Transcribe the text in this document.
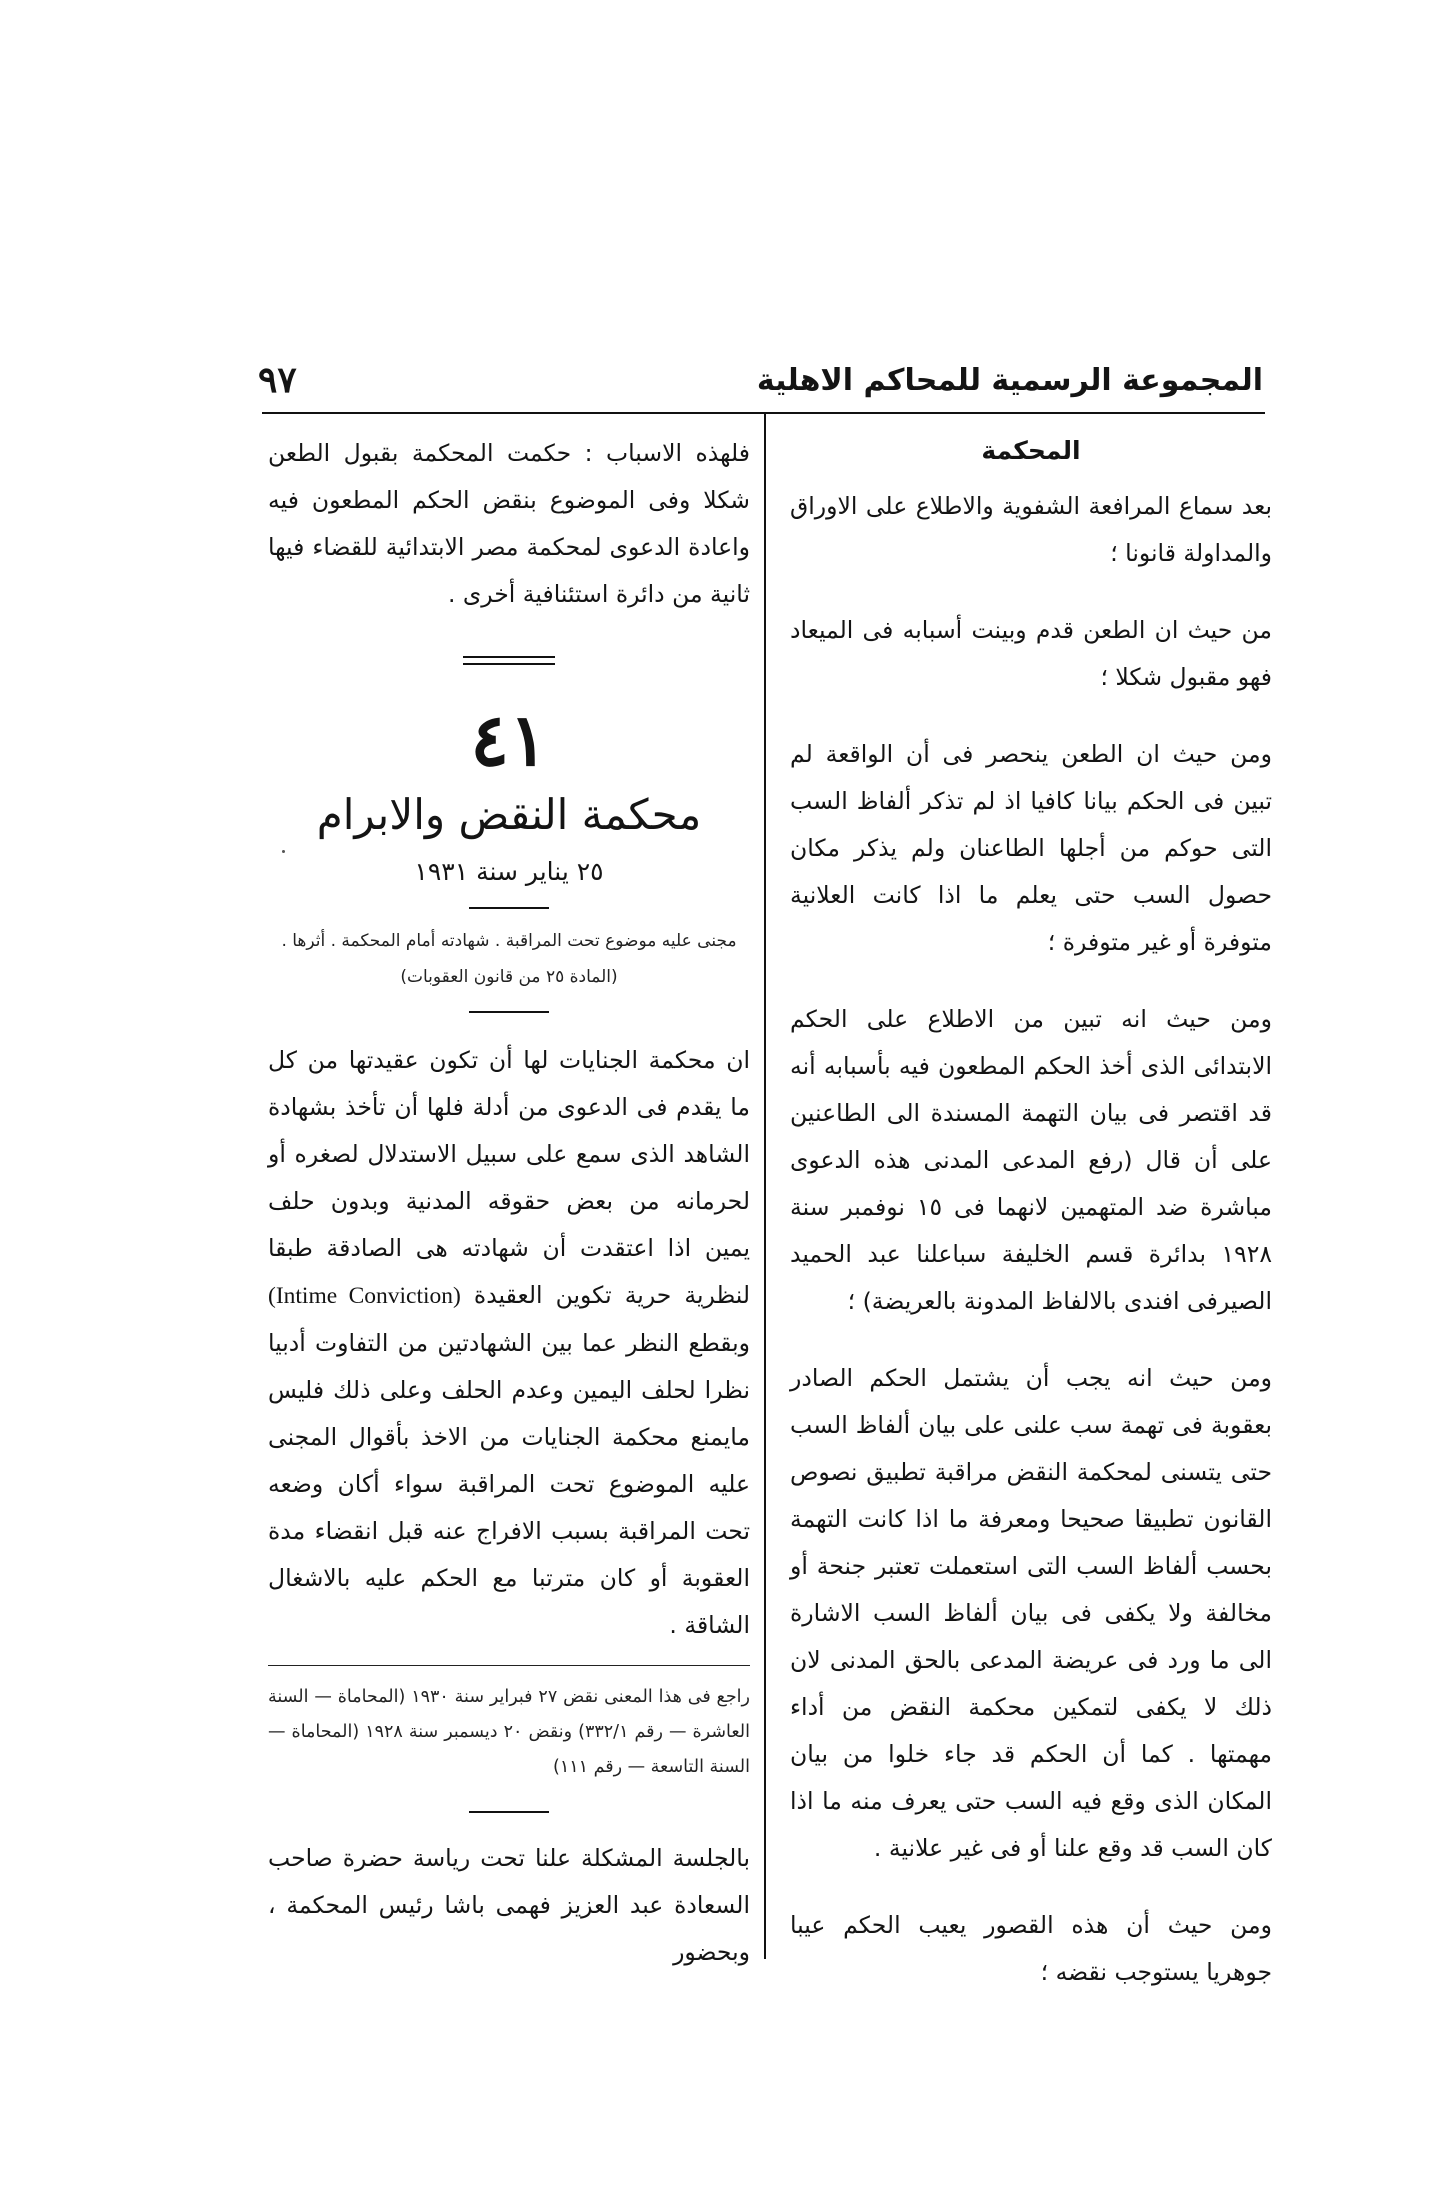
٩٧	المجموعة الرسمية للمحاكم الاهلية
المحكمة

بعد سماع المرافعة الشفوية والاطلاع على الاوراق والمداولة قانونا ؛

من حيث ان الطعن قدم وبينت أسبابه فى الميعاد فهو مقبول شكلا ؛

ومن حيث ان الطعن ينحصر فى أن الواقعة لم تبين فى الحكم بيانا كافيا اذ لم تذكر ألفاظ السب التى حوكم من أجلها الطاعنان ولم يذكر مكان حصول السب حتى يعلم ما اذا كانت العلانية متوفرة أو غير متوفرة ؛

ومن حيث انه تبين من الاطلاع على الحكم الابتدائى الذى أخذ الحكم المطعون فيه بأسبابه أنه قد اقتصر فى بيان التهمة المسندة الى الطاعنين على أن قال (رفع المدعى المدنى هذه الدعوى مباشرة ضد المتهمين لانهما فى ١٥ نوفمبر سنة ١٩٢٨ بدائرة قسم الخليفة سباعلنا عبد الحميد الصيرفى افندى بالالفاظ المدونة بالعريضة) ؛

ومن حيث انه يجب أن يشتمل الحكم الصادر بعقوبة فى تهمة سب علنى على بيان ألفاظ السب حتى يتسنى لمحكمة النقض مراقبة تطبيق نصوص القانون تطبيقا صحيحا ومعرفة ما اذا كانت التهمة بحسب ألفاظ السب التى استعملت تعتبر جنحة أو مخالفة ولا يكفى فى بيان ألفاظ السب الاشارة الى ما ورد فى عريضة المدعى بالحق المدنى لان ذلك لا يكفى لتمكين محكمة النقض من أداء مهمتها . كما أن الحكم قد جاء خلوا من بيان المكان الذى وقع فيه السب حتى يعرف منه ما اذا كان السب قد وقع علنا أو فى غير علانية .

ومن حيث أن هذه القصور يعيب الحكم عيبا جوهريا يستوجب نقضه ؛

فلهذه الاسباب : حكمت المحكمة بقبول الطعن شكلا وفى الموضوع بنقض الحكم المطعون فيه واعادة الدعوى لمحكمة مصر الابتدائية للقضاء فيها ثانية من دائرة استئنافية أخرى .

٤١
محكمة النقض والابرام
٢٥ يناير سنة ١٩٣١
مجنى عليه موضوع تحت المراقبة . شهادته أمام المحكمة . أثرها .
(المادة ٢٥ من قانون العقوبات)

ان محكمة الجنايات لها أن تكون عقيدتها من كل ما يقدم فى الدعوى من أدلة فلها أن تأخذ بشهادة الشاهد الذى سمع على سبيل الاستدلال لصغره أو لحرمانه من بعض حقوقه المدنية وبدون حلف يمين اذا اعتقدت أن شهادته هى الصادقة طبقا لنظرية حرية تكوين العقيدة (Intime Conviction) وبقطع النظر عما بين الشهادتين من التفاوت أدبيا نظرا لحلف اليمين وعدم الحلف وعلى ذلك فليس مايمنع محكمة الجنايات من الاخذ بأقوال المجنى عليه الموضوع تحت المراقبة سواء أكان وضعه تحت المراقبة بسبب الافراج عنه قبل انقضاء مدة العقوبة أو كان مترتبا مع الحكم عليه بالاشغال الشاقة .

راجع فى هذا المعنى نقض ٢٧ فبراير سنة ١٩٣٠ (المحاماة — السنة العاشرة — رقم ٣٣٢/١) ونقض ٢٠ ديسمبر سنة ١٩٢٨ (المحاماة — السنة التاسعة — رقم ١١١)

بالجلسة المشكلة علنا تحت رياسة حضرة صاحب السعادة عبد العزيز فهمى باشا رئيس المحكمة ، وبحضور
